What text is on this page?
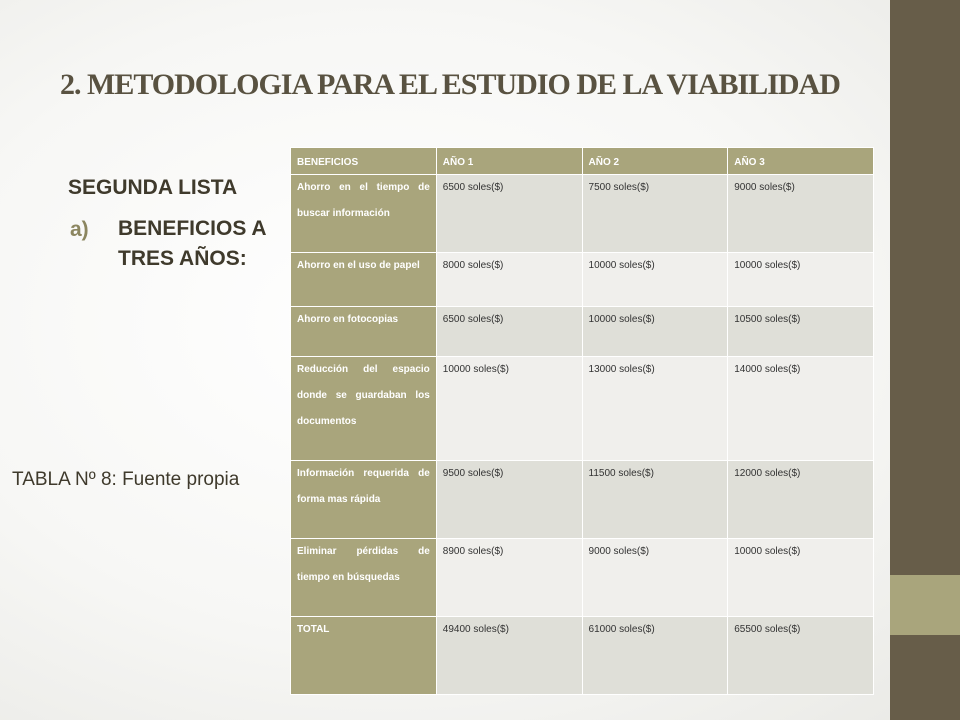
2. METODOLOGIA PARA EL ESTUDIO DE LA VIABILIDAD
SEGUNDA LISTA
a)	BENEFICIOS A TRES AÑOS:
TABLA Nº 8: Fuente propia
BENEFICIOS	AÑO 1	AÑO 2	AÑO 3
Ahorro en el tiempo de buscar información	6500 soles($)	7500 soles($)	9000 soles($)
Ahorro en el uso de papel	8000 soles($)	10000 soles($)	10000 soles($)
Ahorro en fotocopias	6500 soles($)	10000 soles($)	10500 soles($)
Reducción del espacio donde se guardaban los documentos	10000 soles($)	13000 soles($)	14000 soles($)
Información requerida de forma mas rápida	9500 soles($)	11500 soles($)	12000 soles($)
Eliminar pérdidas de tiempo en búsquedas	8900 soles($)	9000 soles($)	10000 soles($)
TOTAL	49400 soles($)	61000 soles($)	65500 soles($)
